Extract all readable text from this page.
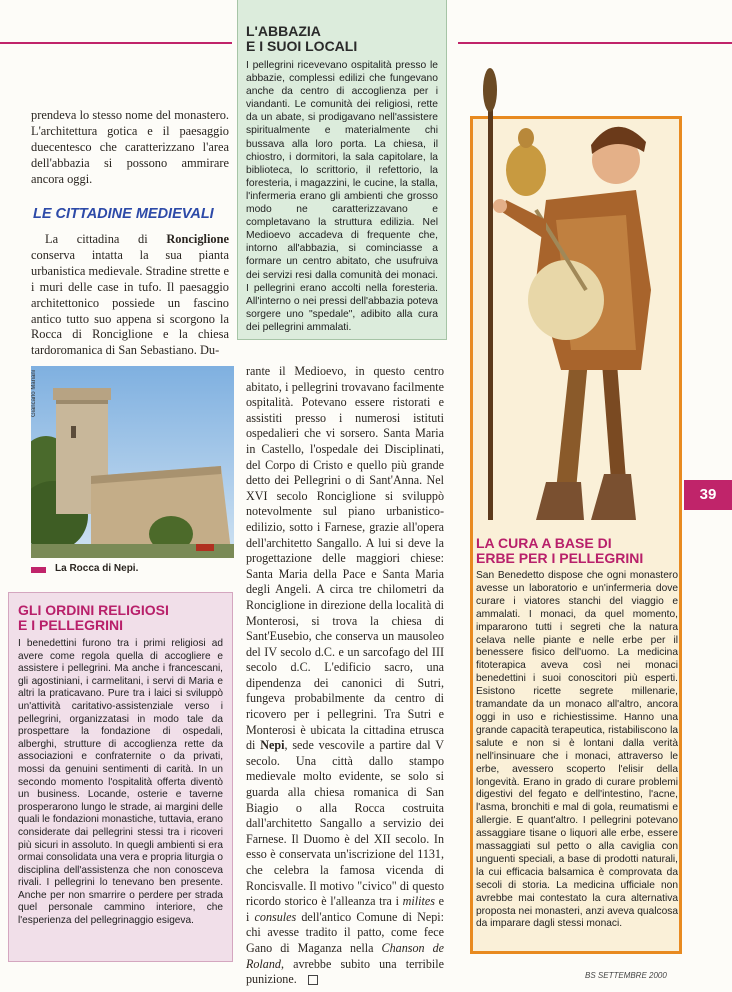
prendeva lo stesso nome del monastero. L'architettura gotica e il paesaggio duecentesco che caratterizzano l'area dell'abbazia si possono ammirare ancora oggi.

LE CITTADINE MEDIEVALI

La cittadina di Ronciglione conserva intatta la sua pianta urbanistica medievale. Stradine strette e i muri delle case in tufo. Il paesaggio architettonico possiede un fascino antico tutto suo appena si scorgono la Rocca di Ronciglione e la chiesa tardoromanica di San Sebastiano. Du-

Giancarlo Mariani
La Rocca di Nepi.

L'ABBAZIA

E I SUOI LOCALI

I pellegrini ricevevano ospitalità presso le abbazie, complessi edilizi che fungevano anche da centro di accoglienza per i viandanti. Le comunità dei religiosi, rette da un abate, si prodigavano nell'assistere spiritualmente e materialmente chi bussava alla loro porta. La chiesa, il chiostro, i dormitori, la sala capitolare, la biblioteca, lo scrittorio, il refettorio, la foresteria, i magazzini, le cucine, la stalla, l'infermeria erano gli ambienti che grosso modo ne caratterizzavano e completavano la struttura edilizia. Nel Medioevo accadeva di frequente che, intorno all'abbazia, si cominciasse a formare un centro abitato, che usufruiva dei servizi resi dalla comunità dei monaci. I pellegrini erano accolti nella foresteria. All'interno o nei pressi dell'abbazia poteva sorgere uno "spedale", adibito alla cura dei pellegrini ammalati.

GLI ORDINI RELIGIOSI

E I PELLEGRINI

I benedettini furono tra i primi religiosi ad avere come regola quella di accogliere e assistere i pellegrini. Ma anche i francescani, gli agostiniani, i carmelitani, i servi di Maria e altri la praticavano. Pure tra i laici si sviluppò un'attività caritativo-assistenziale verso i pellegrini, organizzatasi in modo tale da prospettare la fondazione di ospedali, alberghi, strutture di accoglienza rette da associazioni e confraternite o da privati, mossi da genuini sentimenti di carità. In un secondo momento l'ospitalità offerta diventò un business. Locande, osterie e taverne prosperarono lungo le strade, ai margini delle quali le fondazioni monastiche, tuttavia, erano considerate dai pellegrini stessi tra i ricoveri più sicuri in assoluto. In quegli ambienti si era ormai consolidata una vera e propria liturgia o disciplina dell'assistenza che non conosceva rivali. I pellegrini lo tenevano ben presente. Anche per non smarrire o perdere per strada quel personale cammino interiore, che l'esperienza del pellegrinaggio esigeva.

rante il Medioevo, in questo centro abitato, i pellegrini trovavano facilmente ospitalità. Potevano essere ristorati e assistiti presso i numerosi istituti ospedalieri che vi sorsero. Santa Maria in Castello, l'ospedale dei Disciplinati, del Corpo di Cristo e quello più grande detto dei Pellegrini o di Sant'Anna. Nel XVI secolo Ronciglione si sviluppò notevolmente sul piano urbanistico-edilizio, sotto i Farnese, grazie all'opera dell'architetto Sangallo. A lui si deve la progettazione delle maggiori chiese: Santa Maria della Pace e Santa Maria degli Angeli. A circa tre chilometri da Ronciglione in direzione della località di Monterosi, si trova la chiesa di Sant'Eusebio, che conserva un mausoleo del IV secolo d.C. e un sarcofago del III secolo d.C. L'edificio sacro, una dipendenza dei canonici di Sutri, fungeva probabilmente da centro di ricovero per i pellegrini. Tra Sutri e Monterosi è ubicata la cittadina etrusca di Nepi, sede vescovile a partire dal V secolo. Una città dallo stampo medievale molto evidente, se solo si guarda alla chiesa romanica di San Biagio o alla Rocca costruita dall'architetto Sangallo a servizio dei Farnese. Il Duomo è del XII secolo. In esso è conservata un'iscrizione del 1131, che celebra la famosa vicenda di Roncisvalle. Il motivo "civico" di questo ricordo storico è l'alleanza tra i milites e i consules dell'antico Comune di Nepi: chi avesse tradito il patto, come fece Gano di Maganza nella Chanson de Roland, avrebbe subito una terribile punizione.

LA CURA A BASE DI

ERBE PER I PELLEGRINI

San Benedetto dispose che ogni monastero avesse un laboratorio e un'infermeria dove curare i viatores stanchi del viaggio e ammalati. I monaci, da quel momento, impararono tutti i segreti che la natura celava nelle piante e nelle erbe per il benessere fisico dell'uomo. La medicina fitoterapica aveva così nei monaci benedettini i suoi conoscitori più esperti. Esistono ricette segrete millenarie, tramandate da un monaco all'altro, ancora oggi in uso e richiestissime. Hanno una grande capacità terapeutica, ristabiliscono la salute e non si è lontani dalla verità nell'insinuare che i monaci, attraverso le erbe, avessero scoperto l'elisir della longevità. Erano in grado di curare problemi digestivi del fegato e dell'intestino, l'acne, l'asma, bronchiti e mal di gola, reumatismi e allergie. E quant'altro. I pellegrini potevano assaggiare tisane o liquori alle erbe, essere massaggiati sul petto o alla caviglia con unguenti speciali, a base di prodotti naturali, la cui efficacia balsamica è comprovata da secoli di storia. La medicina ufficiale non avrebbe mai contestato la cura alternativa proposta nei monasteri, anzi aveva qualcosa da imparare dagli stessi monaci.

39
BS SETTEMBRE 2000
